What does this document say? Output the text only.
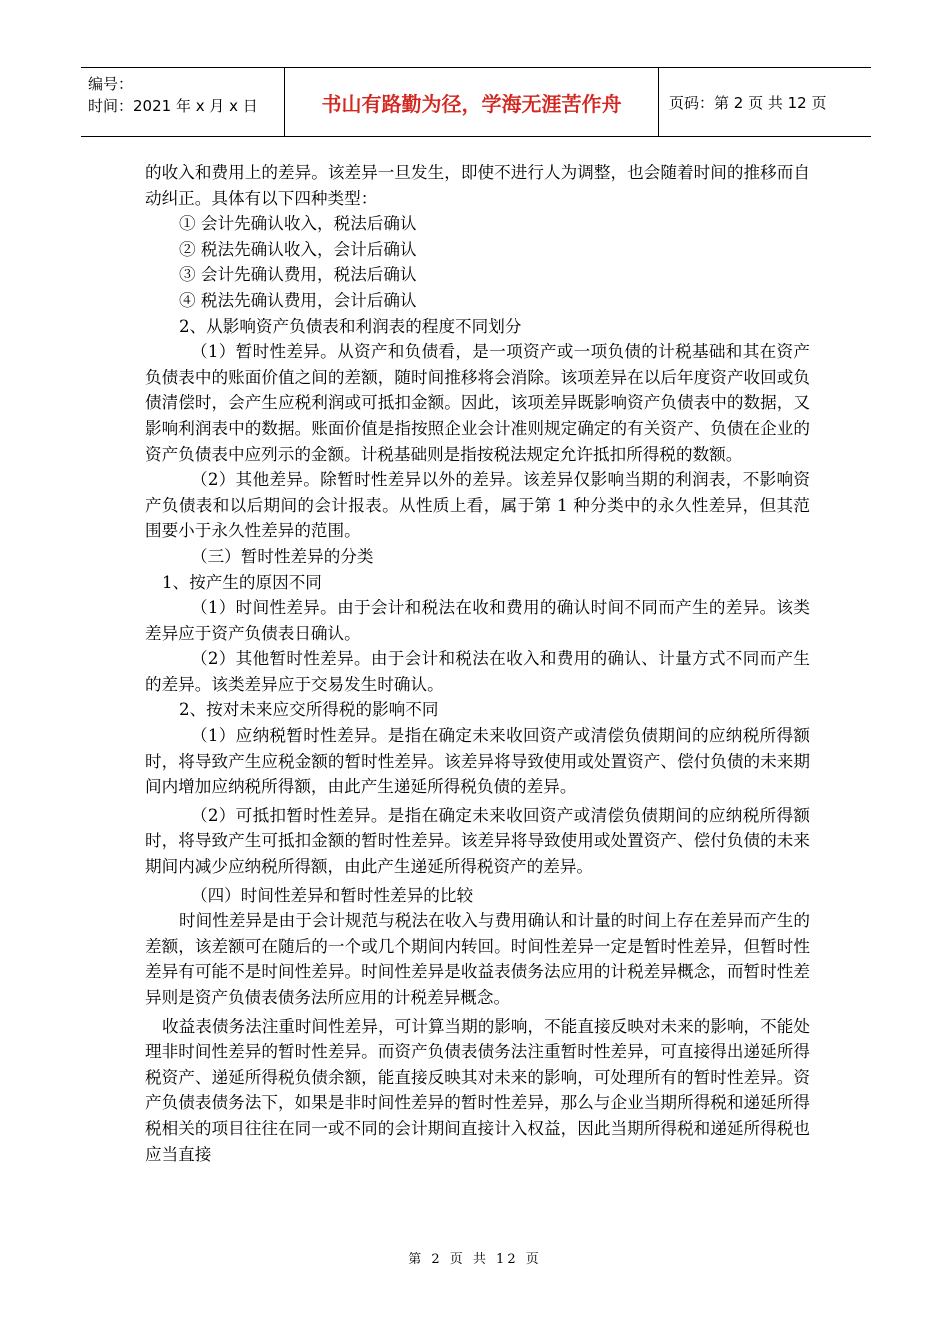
编号：
时间：2021 年 x 月 x 日	书山有路勤为径，学海无涯苦作舟	页码：第 2 页 共 12 页

的收入和费用上的差异。该差异一旦发生，即使不进行人为调整，也会随着时间的推移而自动纠正。具体有以下四种类型：

① 会计先确认收入，税法后确认

② 税法先确认收入，会计后确认

③ 会计先确认费用，税法后确认

④ 税法先确认费用，会计后确认

2、从影响资产负债表和利润表的程度不同划分

（1）暂时性差异。从资产和负债看，是一项资产或一项负债的计税基础和其在资产负债表中的账面价值之间的差额，随时间推移将会消除。该项差异在以后年度资产收回或负债清偿时，会产生应税利润或可抵扣金额。因此，该项差异既影响资产负债表中的数据，又影响利润表中的数据。账面价值是指按照企业会计准则规定确定的有关资产、负债在企业的资产负债表中应列示的金额。计税基础则是指按税法规定允许抵扣所得税的数额。

（2）其他差异。除暂时性差异以外的差异。该差异仅影响当期的利润表，不影响资产负债表和以后期间的会计报表。从性质上看，属于第 1 种分类中的永久性差异，但其范围要小于永久性差异的范围。

（三）暂时性差异的分类

1、按产生的原因不同

（1）时间性差异。由于会计和税法在收和费用的确认时间不同而产生的差异。该类差异应于资产负债表日确认。

（2）其他暂时性差异。由于会计和税法在收入和费用的确认、计量方式不同而产生的差异。该类差异应于交易发生时确认。

2、按对未来应交所得税的影响不同

（1）应纳税暂时性差异。是指在确定未来收回资产或清偿负债期间的应纳税所得额时，将导致产生应税金额的暂时性差异。该差异将导致使用或处置资产、偿付负债的未来期间内增加应纳税所得额，由此产生递延所得税负债的差异。

（2）可抵扣暂时性差异。是指在确定未来收回资产或清偿负债期间的应纳税所得额时，将导致产生可抵扣金额的暂时性差异。该差异将导致使用或处置资产、偿付负债的未来期间内减少应纳税所得额，由此产生递延所得税资产的差异。

（四）时间性差异和暂时性差异的比较

时间性差异是由于会计规范与税法在收入与费用确认和计量的时间上存在差异而产生的差额，该差额可在随后的一个或几个期间内转回。时间性差异一定是暂时性差异，但暂时性差异有可能不是时间性差异。时间性差异是收益表债务法应用的计税差异概念，而暂时性差异则是资产负债表债务法所应用的计税差异概念。

收益表债务法注重时间性差异，可计算当期的影响，不能直接反映对未来的影响，不能处理非时间性差异的暂时性差异。而资产负债表债务法注重暂时性差异，可直接得出递延所得税资产、递延所得税负债余额，能直接反映其对未来的影响，可处理所有的暂时性差异。资产负债表债务法下，如果是非时间性差异的暂时性差异，那么与企业当期所得税和递延所得税相关的项目往往在同一或不同的会计期间直接计入权益，因此当期所得税和递延所得税也应当直接

第 2 页 共 12 页
